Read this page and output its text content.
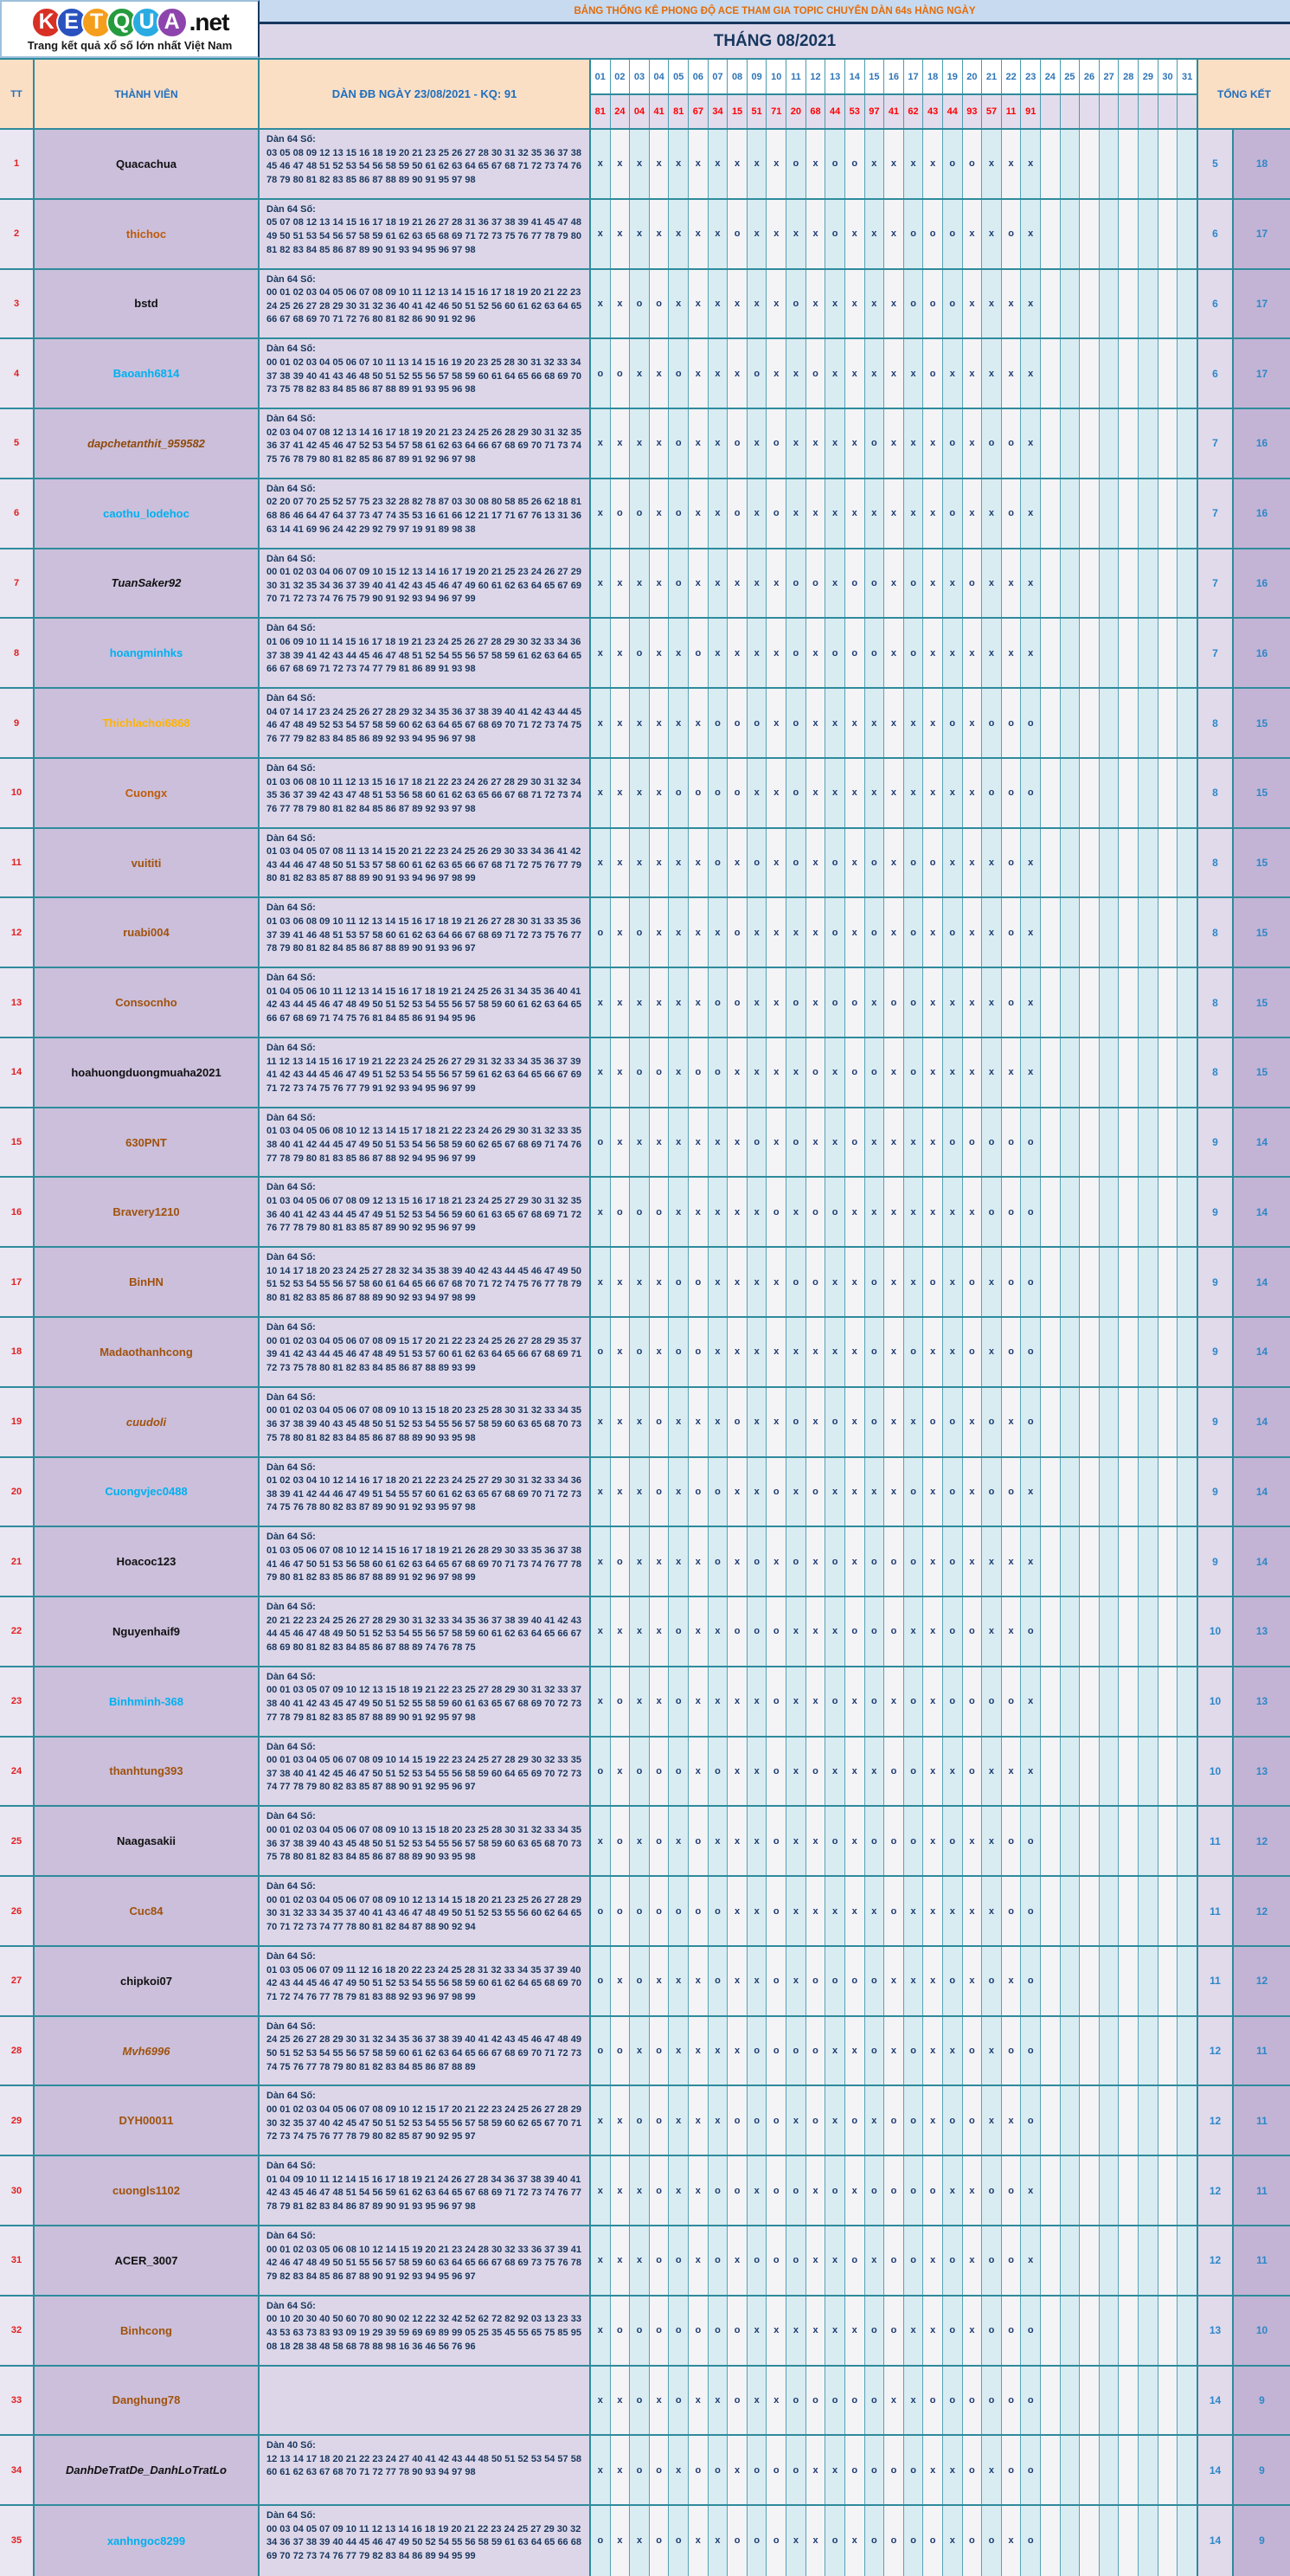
K E T Q U A .net
Trang kết quả xổ số lớn nhất Việt Nam
BẢNG THỐNG KÊ PHONG ĐỘ ACE THAM GIA TOPIC CHUYÊN DÀN 64s HÀNG NGÀY
THÁNG 08/2021
TT	THÀNH VIÊN	DÀN ĐB NGÀY 23/08/2021 - KQ: 91
01 02 03 04 05 06 07 08 09 10 11 12 13 14 15 16 17 18 19 20 21 22 23 24 25 26 27 28 29 30 31
81 24 04 41 81 67 34 15 51 71 20 68 44 53 97 41 62 43 44 93 57 11 91
TỔNG KẾT
1	Quacachua
Dàn 64 Số:
03 05 08 09 12 13 15 16 18 19 20 21 23 25 26 27 28 30 31 32 35 36 37 38 45 46 47 48 51 52 53 54 56 58 59 50 61 62 63 64 65 67 68 71 72 73 74 76 78 79 80 81 82 83 85 86 87 88 89 90 91 95 97 98
x	x	x	x	x	x	x	x	x	x	o	x	o	o	x	x	x	x	o	o	x	x	x	5	18
2	thichoc
Dàn 64 Số:
05 07 08 12 13 14 15 16 17 18 19 21 26 27 28 31 36 37 38 39 41 45 47 48 49 50 51 53 54 56 57 58 59 61 62 63 65 68 69 71 72 73 75 76 77 78 79 80 81 82 83 84 85 86 87 89 90 91 93 94 95 96 97 98
x	x	x	x	x	x	x	o	x	x	x	x	o	x	x	x	o	o	o	x	x	o	x	6	17
3	bstd
Dàn 64 Số:
00 01 02 03 04 05 06 07 08 09 10 11 12 13 14 15 16 17 18 19 20 21 22 23 24 25 26 27 28 29 30 31 32 36 40 41 42 46 50 51 52 56 60 61 62 63 64 65 66 67 68 69 70 71 72 76 80 81 82 86 90 91 92 96
x	x	o	o	x	x	x	x	x	x	o	x	x	x	x	x	o	o	o	x	x	x	x	6	17
4	Baoanh6814
Dàn 64 Số:
00 01 02 03 04 05 06 07 10 11 13 14 15 16 19 20 23 25 28 30 31 32 33 34 37 38 39 40 41 43 46 48 50 51 52 55 56 57 58 59 60 61 64 65 66 68 69 70 73 75 78 82 83 84 85 86 87 88 89 91 93 95 96 98
o	o	x	x	o	x	x	x	o	x	x	o	x	x	x	x	x	o	x	x	x	x	x	6	17
5	dapchetanthit_959582
Dàn 64 Số:
02 03 04 07 08 12 13 14 16 17 18 19 20 21 23 24 25 26 28 29 30 31 32 35 36 37 41 42 45 46 47 52 53 54 57 58 61 62 63 64 66 67 68 69 70 71 73 74 75 76 78 79 80 81 82 85 86 87 89 91 92 96 97 98
x	x	x	x	o	x	x	o	x	o	x	x	x	x	o	x	x	x	o	x	o	o	x	7	16
6	caothu_lodehoc
Dàn 64 Số:
02 20 07 70 25 52 57 75 23 32 28 82 78 87 03 30 08 80 58 85 26 62 18 81 68 86 46 64 47 64 37 73 47 74 35 53 16 61 66 12 21 17 71 67 76 13 31 36 63 14 41 69 96 24 42 29 92 79 97 19 91 89 98 38
x	o	o	x	o	x	x	o	x	o	x	x	x	x	x	x	x	x	o	x	x	o	x	7	16
7	TuanSaker92
Dàn 64 Số:
00 01 02 03 04 06 07 09 10 15 12 13 14 16 17 19 20 21 25 23 24 26 27 29 30 31 32 35 34 36 37 39 40 41 42 43 45 46 47 49 60 61 62 63 64 65 67 69 70 71 72 73 74 76 75 79 90 91 92 93 94 96 97 99
x	x	x	x	o	x	x	x	x	x	o	o	x	o	o	x	o	x	x	o	x	x	x	7	16
8	hoangminhks
Dàn 64 Số:
01 06 09 10 11 14 15 16 17 18 19 21 23 24 25 26 27 28 29 30 32 33 34 36 37 38 39 41 42 43 44 45 46 47 48 51 52 54 55 56 57 58 59 61 62 63 64 65 66 67 68 69 71 72 73 74 77 79 81 86 89 91 93 98
x	x	o	x	x	o	x	x	x	x	o	x	o	o	o	x	o	x	x	x	x	x	x	7	16
9	Thichlachoi6868
Dàn 64 Số:
04 07 14 17 23 24 25 26 27 28 29 32 34 35 36 37 38 39 40 41 42 43 44 45 46 47 48 49 52 53 54 57 58 59 60 62 63 64 65 67 68 69 70 71 72 73 74 75 76 77 79 82 83 84 85 86 89 92 93 94 95 96 97 98
x	x	x	x	x	x	o	o	o	x	o	x	x	x	x	x	x	x	o	x	o	o	o	8	15
10	Cuongx
Dàn 64 Số:
01 03 06 08 10 11 12 13 15 16 17 18 21 22 23 24 26 27 28 29 30 31 32 34 35 36 37 39 42 43 47 48 51 53 56 58 60 61 62 63 65 66 67 68 71 72 73 74 76 77 78 79 80 81 82 84 85 86 87 89 92 93 97 98
x	x	x	x	o	o	o	o	x	x	o	x	x	x	x	x	x	x	x	x	o	o	o	8	15
11	vuititi
Dàn 64 Số:
01 03 04 05 07 08 11 13 14 15 20 21 22 23 24 25 26 29 30 33 34 36 41 42 43 44 46 47 48 50 51 53 57 58 60 61 62 63 65 66 67 68 71 72 75 76 77 79 80 81 82 83 85 87 88 89 90 91 93 94 96 97 98 99
x	x	x	x	x	x	o	x	o	x	o	x	o	x	o	x	o	o	x	x	x	o	x	8	15
12	ruabi004
Dàn 64 Số:
01 03 06 08 09 10 11 12 13 14 15 16 17 18 19 21 26 27 28 30 31 33 35 36 37 39 41 46 48 51 53 57 58 60 61 62 63 64 66 67 68 69 71 72 73 75 76 77 78 79 80 81 82 84 85 86 87 88 89 90 91 93 96 97
o	x	o	x	x	x	x	o	x	x	x	x	o	x	o	x	o	x	o	x	x	o	x	8	15
13	Consocnho
Dàn 64 Số:
01 04 05 06 10 11 12 13 14 15 16 17 18 19 21 24 25 26 31 34 35 36 40 41 42 43 44 45 46 47 48 49 50 51 52 53 54 55 56 57 58 59 60 61 62 63 64 65 66 67 68 69 71 74 75 76 81 84 85 86 91 94 95 96
x	x	x	x	x	x	o	o	x	x	o	x	o	o	x	o	o	x	x	x	x	o	x	8	15
14	hoahuongduongmuaha2021
Dàn 64 Số:
11 12 13 14 15 16 17 19 21 22 23 24 25 26 27 29 31 32 33 34 35 36 37 39 41 42 43 44 45 46 47 49 51 52 53 54 55 56 57 59 61 62 63 64 65 66 67 69 71 72 73 74 75 76 77 79 91 92 93 94 95 96 97 99
x	x	o	o	x	o	o	x	x	x	x	o	x	o	o	x	o	x	x	x	x	x	x	8	15
15	630PNT
Dàn 64 Số:
01 03 04 05 06 08 10 12 13 14 15 17 18 21 22 23 24 26 29 30 31 32 33 35 38 40 41 42 44 45 47 49 50 51 53 54 56 58 59 60 62 65 67 68 69 71 74 76 77 78 79 80 81 83 85 86 87 88 92 94 95 96 97 99
o	x	x	x	x	x	x	x	o	x	o	x	x	o	x	x	x	x	o	o	o	o	o	9	14
16	Bravery1210
Dàn 64 Số:
01 03 04 05 06 07 08 09 12 13 15 16 17 18 21 23 24 25 27 29 30 31 32 35 36 40 41 42 43 44 45 47 49 51 52 53 54 56 59 60 61 63 65 67 68 69 71 72 76 77 78 79 80 81 83 85 87 89 90 92 95 96 97 99
x	o	o	o	x	x	x	x	x	o	x	o	o	x	x	x	x	x	x	x	o	o	o	9	14
17	BinHN
Dàn 64 Số:
10 14 17 18 20 23 24 25 27 28 32 34 35 38 39 40 42 43 44 45 46 47 49 50 51 52 53 54 55 56 57 58 60 61 64 65 66 67 68 70 71 72 74 75 76 77 78 79 80 81 82 83 85 86 87 88 89 90 92 93 94 97 98 99
x	x	x	x	o	o	x	x	x	x	o	o	x	x	o	x	x	o	x	o	x	o	o	9	14
18	Madaothanhcong
Dàn 64 Số:
00 01 02 03 04 05 06 07 08 09 15 17 20 21 22 23 24 25 26 27 28 29 35 37 39 41 42 43 44 45 46 47 48 49 51 53 57 60 61 62 63 64 65 66 67 68 69 71 72 73 75 78 80 81 82 83 84 85 86 87 88 89 93 99
o	x	o	x	o	o	x	x	x	x	x	x	x	x	o	x	o	x	x	o	x	o	o	9	14
19	cuudoli
Dàn 64 Số:
00 01 02 03 04 05 06 07 08 09 10 13 15 18 20 23 25 28 30 31 32 33 34 35 36 37 38 39 40 43 45 48 50 51 52 53 54 55 56 57 58 59 60 63 65 68 70 73 75 78 80 81 82 83 84 85 86 87 88 89 90 93 95 98
x	x	x	o	x	x	x	o	x	x	o	x	o	x	o	x	x	o	o	x	o	x	o	9	14
20	Cuongvjec0488
Dàn 64 Số:
01 02 03 04 10 12 14 16 17 18 20 21 22 23 24 25 27 29 30 31 32 33 34 36 38 39 41 42 44 46 47 49 51 54 55 57 60 61 62 63 65 67 68 69 70 71 72 73 74 75 76 78 80 82 83 87 89 90 91 92 93 95 97 98
x	x	x	o	x	o	o	x	x	o	x	o	x	x	x	x	o	x	o	x	o	o	x	9	14
21	Hoacoc123
Dàn 64 Số:
01 03 05 06 07 08 10 12 14 15 16 17 18 19 21 26 28 29 30 33 35 36 37 38 41 46 47 50 51 53 56 58 60 61 62 63 64 65 67 68 69 70 71 73 74 76 77 78 79 80 81 82 83 85 86 87 88 89 91 92 96 97 98 99
x	o	x	x	x	x	o	x	o	x	o	x	o	x	o	o	o	x	o	x	x	x	x	9	14
22	Nguyenhaif9
Dàn 64 Số:
20 21 22 23 24 25 26 27 28 29 30 31 32 33 34 35 36 37 38 39 40 41 42 43 44 45 46 47 48 49 50 51 52 53 54 55 56 57 58 59 60 61 62 63 64 65 66 67 68 69 80 81 82 83 84 85 86 87 88 89 74 76 78 75
x	x	x	x	o	x	x	o	o	o	x	x	x	o	o	o	x	x	o	o	x	x	o	10	13
23	Binhminh-368
Dàn 64 Số:
00 01 03 05 07 09 10 12 13 15 18 19 21 22 23 25 27 28 29 30 31 32 33 37 38 40 41 42 43 45 47 49 50 51 52 55 58 59 60 61 63 65 67 68 69 70 72 73 77 78 79 81 82 83 85 87 88 89 90 91 92 95 97 98
x	o	x	x	o	x	x	x	x	o	x	x	o	x	o	x	o	x	o	o	o	o	x	10	13
24	thanhtung393
Dàn 64 Số:
00 01 03 04 05 06 07 08 09 10 14 15 19 22 23 24 25 27 28 29 30 32 33 35 37 38 40 41 42 45 46 47 50 51 52 53 54 55 56 58 59 60 64 65 69 70 72 73 74 77 78 79 80 82 83 85 87 88 90 91 92 95 96 97
o	x	o	o	o	x	o	x	x	o	x	o	x	x	x	o	o	x	x	o	x	x	x	10	13
25	Naagasakii
Dàn 64 Số:
00 01 02 03 04 05 06 07 08 09 10 13 15 18 20 23 25 28 30 31 32 33 34 35 36 37 38 39 40 43 45 48 50 51 52 53 54 55 56 57 58 59 60 63 65 68 70 73 75 78 80 81 82 83 84 85 86 87 88 89 90 93 95 98
x	o	x	o	x	o	x	x	x	o	x	x	o	x	o	o	o	x	o	x	x	o	o	11	12
26	Cuc84
Dàn 64 Số:
00 01 02 03 04 05 06 07 08 09 10 12 13 14 15 18 20 21 23 25 26 27 28 29 30 31 32 33 34 35 37 40 41 43 46 47 48 49 50 51 52 53 55 56 60 62 64 65 70 71 72 73 74 77 78 80 81 82 84 87 88 90 92 94
o	o	o	o	o	o	o	x	x	o	x	x	x	x	x	o	x	x	x	x	x	o	o	11	12
27	chipkoi07
Dàn 64 Số:
01 03 05 06 07 09 11 12 16 18 20 22 23 24 25 28 31 32 33 34 35 37 39 40 42 43 44 45 46 47 49 50 51 52 53 54 55 56 58 59 60 61 62 64 65 68 69 70 71 72 74 76 77 78 79 81 83 88 92 93 96 97 98 99
o	x	o	x	x	x	o	x	x	o	x	o	o	o	o	x	x	x	o	x	o	x	o	11	12
28	Mvh6996
Dàn 64 Số:
24 25 26 27 28 29 30 31 32 34 35 36 37 38 39 40 41 42 43 45 46 47 48 49 50 51 52 53 54 55 56 57 58 59 60 61 62 63 64 65 66 67 68 69 70 71 72 73 74 75 76 77 78 79 80 81 82 83 84 85 86 87 88 89
o	o	x	o	x	x	x	x	o	o	o	o	x	x	o	x	o	x	x	o	x	o	o	12	11
29	DYH00011
Dàn 64 Số:
00 01 02 03 04 05 06 07 08 09 10 12 15 17 20 21 22 23 24 25 26 27 28 29 30 32 35 37 40 42 45 47 50 51 52 53 54 55 56 57 58 59 60 62 65 67 70 71 72 73 74 75 76 77 78 79 80 82 85 87 90 92 95 97
x	x	o	o	x	x	x	o	o	o	x	o	x	o	x	o	o	x	o	o	x	x	o	12	11
30	cuongls1102
Dàn 64 Số:
01 04 09 10 11 12 14 15 16 17 18 19 21 24 26 27 28 34 36 37 38 39 40 41 42 43 45 46 47 48 51 54 56 59 61 62 63 64 65 67 68 69 71 72 73 74 76 77 78 79 81 82 83 84 86 87 89 90 91 93 95 96 97 98
x	x	x	o	x	x	o	o	x	o	o	x	o	x	o	o	o	o	x	x	o	o	x	12	11
31	ACER_3007
Dàn 64 Số:
00 01 02 03 05 06 08 10 12 14 15 19 20 21 23 24 28 30 32 33 36 37 39 41 42 46 47 48 49 50 51 55 56 57 58 59 60 63 64 65 66 67 68 69 73 75 76 78 79 82 83 84 85 86 87 88 90 91 92 93 94 95 96 97
x	x	x	o	o	x	o	x	o	o	o	x	x	o	x	o	o	x	o	x	o	o	x	12	11
32	Binhcong
Dàn 64 Số:
00 10 20 30 40 50 60 70 80 90 02 12 22 32 42 52 62 72 82 92 03 13 23 33 43 53 63 73 83 93 09 19 29 39 59 69 69 89 99 05 25 35 45 55 65 75 85 95 08 18 28 38 48 58 68 78 88 98 16 36 46 56 76 96
x	o	o	o	o	o	o	o	x	x	x	x	x	x	o	o	x	x	o	x	o	o	o	13	10
33	Danghung78	x	x	o	x	o	x	x	o	x	x	o	o	o	o	o	x	x	o	o	o	o	o	o	14	9
34	DanhDeTratDe_DanhLoTratLo
Dàn 40 Số:
12 13 14 17 18 20 21 22 23 24 27 40 41 42 43 44 48 50 51 52 53 54 57 58 60 61 62 63 67 68 70 71 72 77 78 90 93 94 97 98	x	x	o	o	x	o	o	x	o	o	o	x	x	o	o	o	o	x	x	o	x	o	o	14	9
35	xanhngoc8299
Dàn 64 Số:
00 03 04 05 07 09 10 11 12 13 14 16 18 19 20 21 22 23 24 25 27 29 30 32 34 36 37 38 39 40 44 45 46 47 49 50 52 54 55 56 58 59 61 63 64 65 66 68 69 70 72 73 74 76 77 79 82 83 84 86 89 94 95 99
o	x	x	o	o	x	x	o	o	o	x	x	o	x	o	o	o	o	x	o	o	x	o	14	9
